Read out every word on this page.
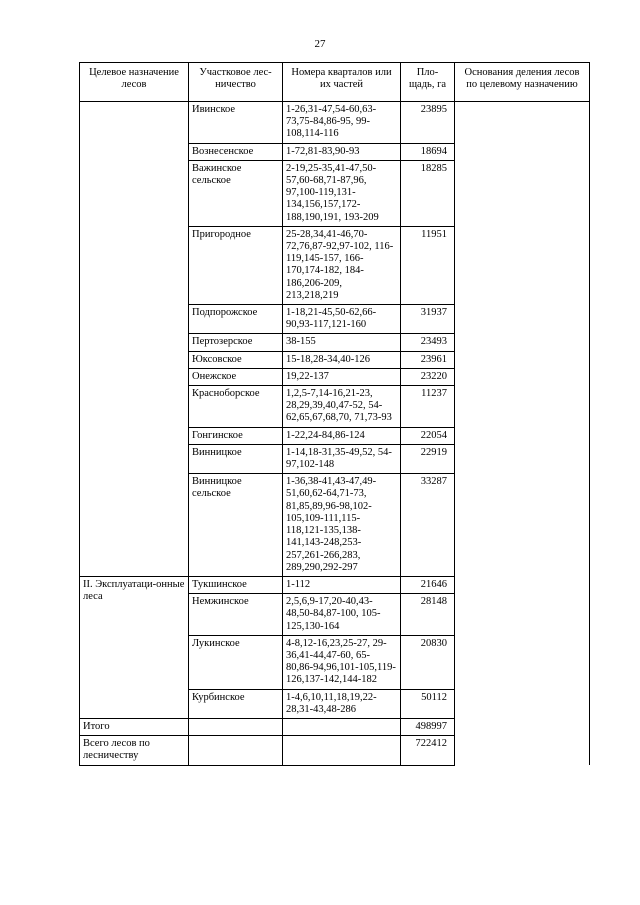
27
Целевое назначение лесов	Участковое лес-ничество	Номера кварталов или их частей	Пло-щадь, га	Основания деления лесов по целевому назначению
	Ивинское	1-26,31-47,54-60,63-73,75-84,86-95, 99-108,114-116	23895	
	Вознесенское	1-72,81-83,90-93	18694	
	Важинское сельское	2-19,25-35,41-47,50-57,60-68,71-87,96, 97,100-119,131-134,156,157,172-188,190,191, 193-209	18285	
	Пригородное	25-28,34,41-46,70-72,76,87-92,97-102, 116-119,145-157, 166-170,174-182, 184-186,206-209, 213,218,219	11951	
	Подпорожское	1-18,21-45,50-62,66-90,93-117,121-160	31937	
	Пертозерское	38-155	23493	
	Юксовское	15-18,28-34,40-126	23961	
	Онежское	19,22-137	23220	
	Красноборское	1,2,5-7,14-16,21-23, 28,29,39,40,47-52, 54-62,65,67,68,70, 71,73-93	11237	
	Гонгинское	1-22,24-84,86-124	22054	
	Винницкое	1-14,18-31,35-49,52, 54-97,102-148	22919	
	Винницкое сельское	1-36,38-41,43-47,49-51,60,62-64,71-73, 81,85,89,96-98,102-105,109-111,115-118,121-135,138-141,143-248,253-257,261-266,283, 289,290,292-297	33287	
II. Эксплуатаци-онные леса	Тукшинское	1-112	21646	
	Немжинское	2,5,6,9-17,20-40,43-48,50-84,87-100, 105-125,130-164	28148	
	Лукинское	4-8,12-16,23,25-27, 29-36,41-44,47-60, 65-80,86-94,96,101-105,119-126,137-142,144-182	20830	
	Курбинское	1-4,6,10,11,18,19,22-28,31-43,48-286	50112	
Итого			498997	
Всего лесов по лесничеству			722412	
